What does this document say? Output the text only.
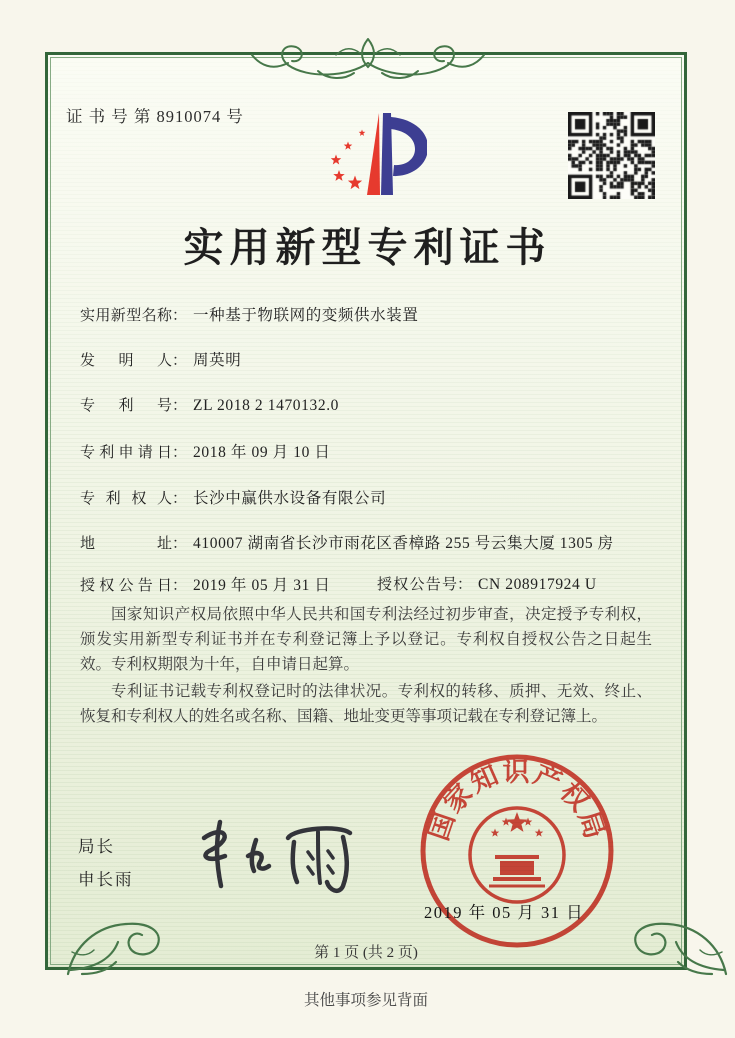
证 书 号 第 8910074 号
实用新型专利证书
实用新型名称： 一种基于物联网的变频供水装置
发明人： 周英明
专利号： ZL 2018 2 1470132.0
专利申请日： 2018 年 09 月 10 日
专利权人： 长沙中赢供水设备有限公司
地址： 410007 湖南省长沙市雨花区香樟路 255 号云集大厦 1305 房
授权公告日： 2019 年 05 月 31 日	授权公告号： CN 208917924 U

国家知识产权局依照中华人民共和国专利法经过初步审查，决定授予专利权，颁发实用新型专利证书并在专利登记簿上予以登记。专利权自授权公告之日起生效。专利权期限为十年，自申请日起算。

专利证书记载专利权登记时的法律状况。专利权的转移、质押、无效、终止、恢复和专利权人的姓名或名称、国籍、地址变更等事项记载在专利登记簿上。

局长
申长雨
国家知识产权局
2019 年 05 月 31 日
第 1 页 (共 2 页)
其他事项参见背面
